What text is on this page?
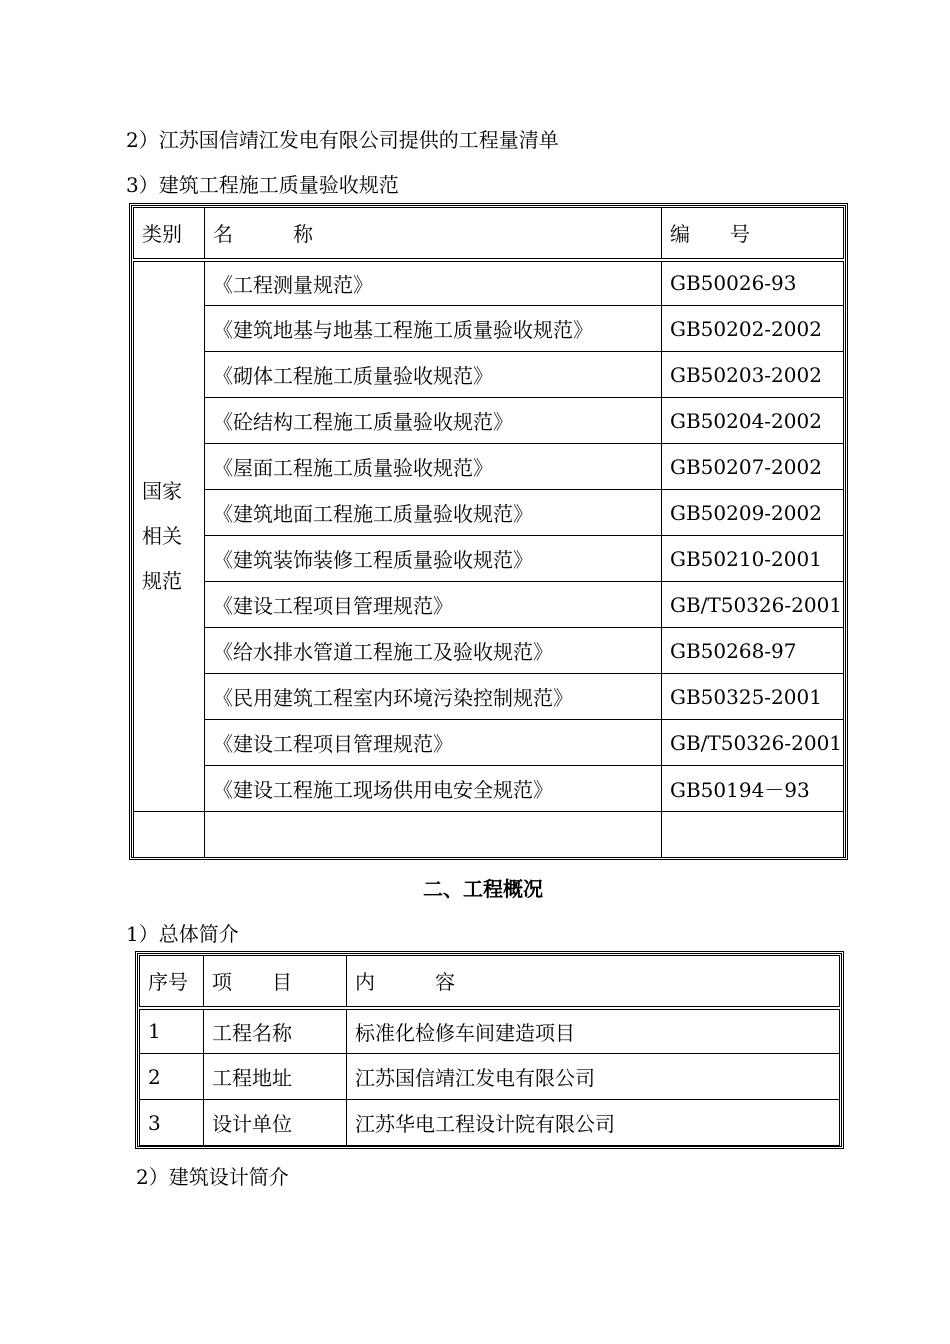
2）江苏国信靖江发电有限公司提供的工程量清单
3）建筑工程施工质量验收规范
类别	名　　　称	编　　号
国家
相关
规范	《工程测量规范》	GB50026-93
	《建筑地基与地基工程施工质量验收规范》	GB50202-2002
	《砌体工程施工质量验收规范》	GB50203-2002
	《砼结构工程施工质量验收规范》	GB50204-2002
	《屋面工程施工质量验收规范》	GB50207-2002
	《建筑地面工程施工质量验收规范》	GB50209-2002
	《建筑装饰装修工程质量验收规范》	GB50210-2001
	《建设工程项目管理规范》	GB/T50326-2001
	《给水排水管道工程施工及验收规范》	GB50268-97
	《民用建筑工程室内环境污染控制规范》	GB50325-2001
	《建设工程项目管理规范》	GB/T50326-2001
	《建设工程施工现场供用电安全规范》	GB50194－93

二、工程概况
1）总体简介
序号	项　　目	内　　　容
1	工程名称	标准化检修车间建造项目
2	工程地址	江苏国信靖江发电有限公司
3	设计单位	江苏华电工程设计院有限公司
2）建筑设计简介
